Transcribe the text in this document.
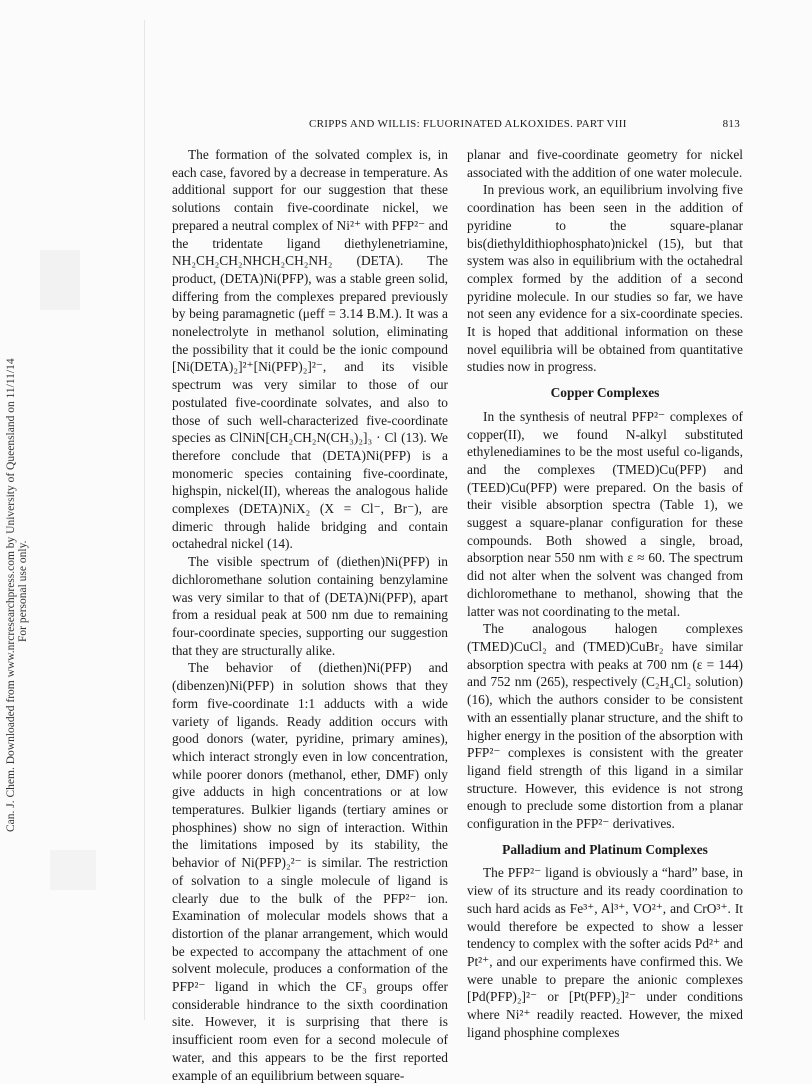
Can. J. Chem. Downloaded from www.nrcresearchpress.com by University of Queensland on 11/11/14 For personal use only.
CRIPPS AND WILLIS: FLUORINATED ALKOXIDES. PART VIII	813

The formation of the solvated complex is, in each case, favored by a decrease in temperature. As additional support for our suggestion that these solutions contain five-coordinate nickel, we prepared a neutral complex of Ni²⁺ with PFP²⁻ and the tridentate ligand diethylenetriamine, NH₂CH₂CH₂NHCH₂CH₂NH₂ (DETA). The product, (DETA)Ni(PFP), was a stable green solid, differing from the complexes prepared previously by being paramagnetic (μeff = 3.14 B.M.). It was a nonelectrolyte in methanol solution, eliminating the possibility that it could be the ionic compound [Ni(DETA)₂]²⁺[Ni(PFP)₂]²⁻, and its visible spectrum was very similar to those of our postulated five-coordinate solvates, and also to those of such well-characterized five-coordinate species as ClNiN[CH₂CH₂N(CH₃)₂]₃ · Cl (13). We therefore conclude that (DETA)Ni(PFP) is a monomeric species containing five-coordinate, highspin, nickel(II), whereas the analogous halide complexes (DETA)NiX₂ (X = Cl⁻, Br⁻), are dimeric through halide bridging and contain octahedral nickel (14).

The visible spectrum of (diethen)Ni(PFP) in dichloromethane solution containing benzylamine was very similar to that of (DETA)Ni(PFP), apart from a residual peak at 500 nm due to remaining four-coordinate species, supporting our suggestion that they are structurally alike.

The behavior of (diethen)Ni(PFP) and (dibenzen)Ni(PFP) in solution shows that they form five-coordinate 1:1 adducts with a wide variety of ligands. Ready addition occurs with good donors (water, pyridine, primary amines), which interact strongly even in low concentration, while poorer donors (methanol, ether, DMF) only give adducts in high concentrations or at low temperatures. Bulkier ligands (tertiary amines or phosphines) show no sign of interaction. Within the limitations imposed by its stability, the behavior of Ni(PFP)₂²⁻ is similar. The restriction of solvation to a single molecule of ligand is clearly due to the bulk of the PFP²⁻ ion. Examination of molecular models shows that a distortion of the planar arrangement, which would be expected to accompany the attachment of one solvent molecule, produces a conformation of the PFP²⁻ ligand in which the CF₃ groups offer considerable hindrance to the sixth coordination site. However, it is surprising that there is insufficient room even for a second molecule of water, and this appears to be the first reported example of an equilibrium between square-

planar and five-coordinate geometry for nickel associated with the addition of one water molecule.

In previous work, an equilibrium involving five coordination has been seen in the addition of pyridine to the square-planar bis(diethyldithiophosphato)nickel (15), but that system was also in equilibrium with the octahedral complex formed by the addition of a second pyridine molecule. In our studies so far, we have not seen any evidence for a six-coordinate species. It is hoped that additional information on these novel equilibria will be obtained from quantitative studies now in progress.

Copper Complexes

In the synthesis of neutral PFP²⁻ complexes of copper(II), we found N-alkyl substituted ethylenediamines to be the most useful co-ligands, and the complexes (TMED)Cu(PFP) and (TEED)Cu(PFP) were prepared. On the basis of their visible absorption spectra (Table 1), we suggest a square-planar configuration for these compounds. Both showed a single, broad, absorption near 550 nm with ε ≈ 60. The spectrum did not alter when the solvent was changed from dichloromethane to methanol, showing that the latter was not coordinating to the metal.

The analogous halogen complexes (TMED)CuCl₂ and (TMED)CuBr₂ have similar absorption spectra with peaks at 700 nm (ε = 144) and 752 nm (265), respectively (C₂H₄Cl₂ solution) (16), which the authors consider to be consistent with an essentially planar structure, and the shift to higher energy in the position of the absorption with PFP²⁻ complexes is consistent with the greater ligand field strength of this ligand in a similar structure. However, this evidence is not strong enough to preclude some distortion from a planar configuration in the PFP²⁻ derivatives.

Palladium and Platinum Complexes

The PFP²⁻ ligand is obviously a “hard” base, in view of its structure and its ready coordination to such hard acids as Fe³⁺, Al³⁺, VO²⁺, and CrO³⁺. It would therefore be expected to show a lesser tendency to complex with the softer acids Pd²⁺ and Pt²⁺, and our experiments have confirmed this. We were unable to prepare the anionic complexes [Pd(PFP)₂]²⁻ or [Pt(PFP)₂]²⁻ under conditions where Ni²⁺ readily reacted. However, the mixed ligand phosphine complexes
